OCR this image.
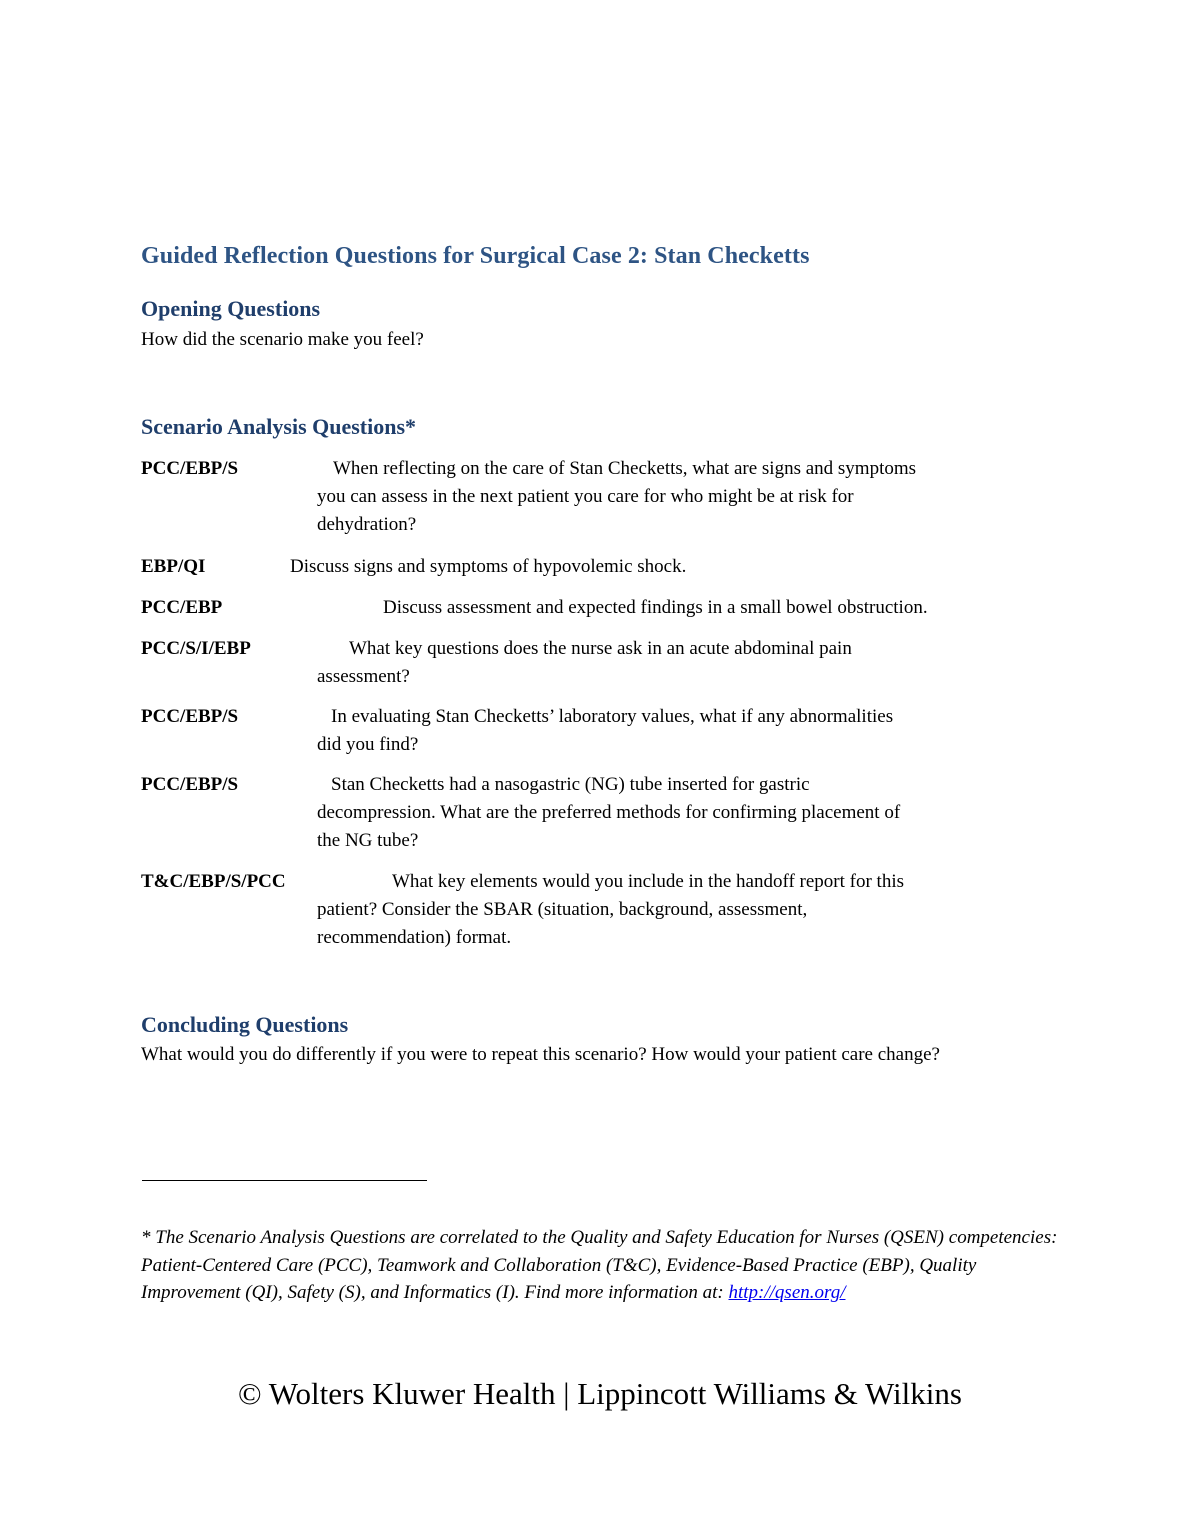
Guided Reflection Questions for Surgical Case 2: Stan Checketts
Opening Questions

How did the scenario make you feel?

Scenario Analysis Questions*
PCC/EBP/S	When reflecting on the care of Stan Checketts, what are signs and symptoms
you can assess in the next patient you care for who might be at risk for
dehydration?
EBP/QI	Discuss signs and symptoms of hypovolemic shock.
PCC/EBP	Discuss assessment and expected findings in a small bowel obstruction.
PCC/S/I/EBP	What key questions does the nurse ask in an acute abdominal pain
assessment?
PCC/EBP/S	In evaluating Stan Checketts’ laboratory values, what if any abnormalities
did you find?
PCC/EBP/S	Stan Checketts had a nasogastric (NG) tube inserted for gastric
decompression. What are the preferred methods for confirming placement of
the NG tube?
T&C/EBP/S/PCC	What key elements would you include in the handoff report for this
patient? Consider the SBAR (situation, background, assessment,
recommendation) format.
Concluding Questions

What would you do differently if you were to repeat this scenario? How would your patient care change?

* The Scenario Analysis Questions are correlated to the Quality and Safety Education for Nurses (QSEN) competencies: Patient-Centered Care (PCC), Teamwork and Collaboration (T&C), Evidence-Based Practice (EBP), Quality Improvement (QI), Safety (S), and Informatics (I). Find more information at: http://qsen.org/

© Wolters Kluwer Health | Lippincott Williams & Wilkins
